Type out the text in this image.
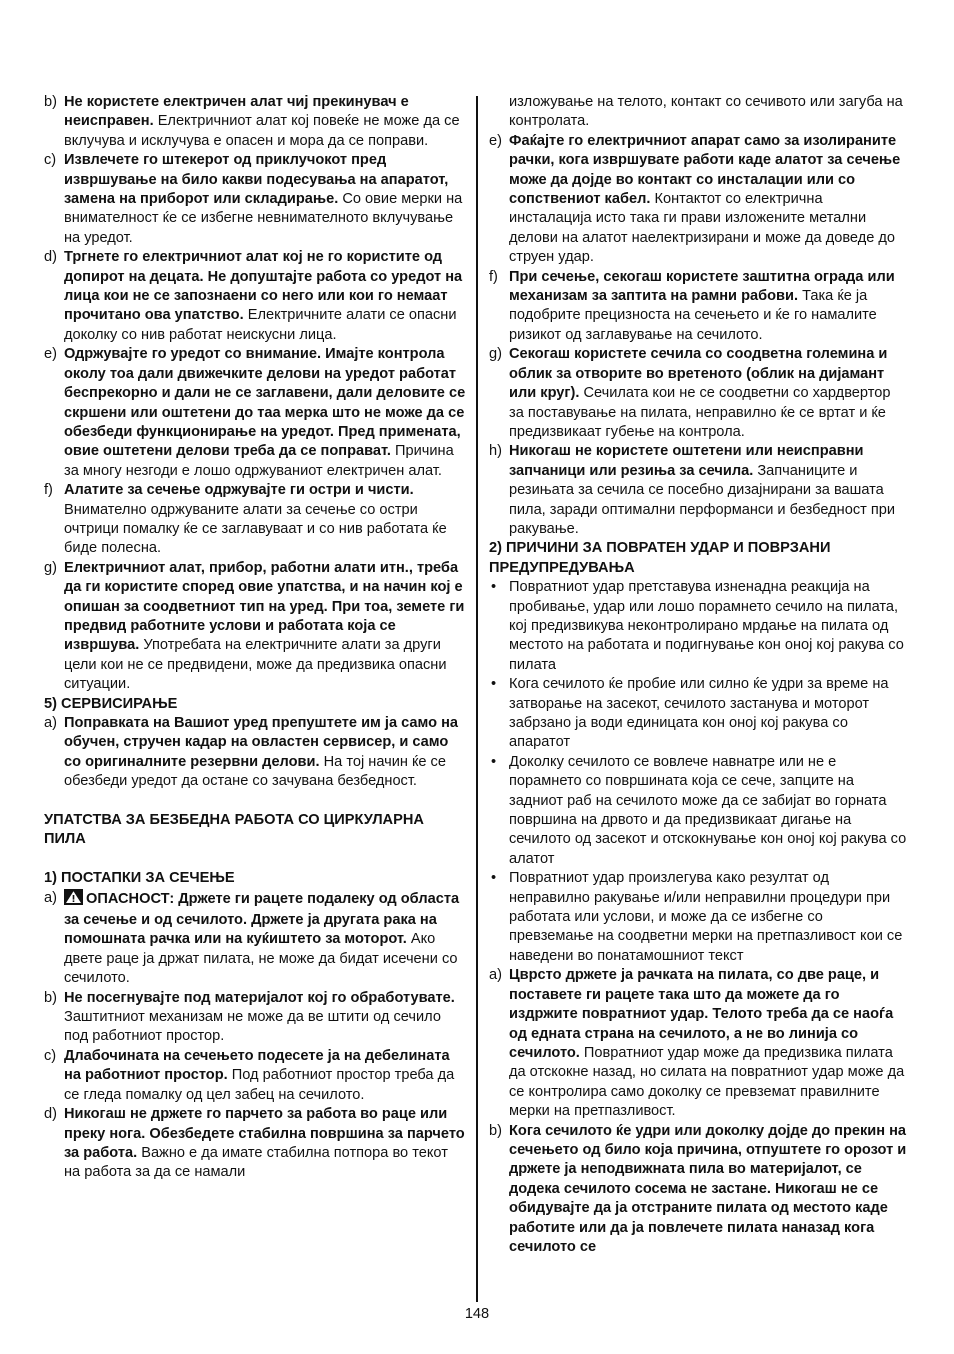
b) Не користете електричен алат чиј прекинувач е неисправен. Електричниот алат кој повеќе не може да се вклучува и исклучува е опасен и мора да се поправи.

c) Извлечете го штекерот од приклучокот пред извршување на било какви подесувања на апаратот, замена на приборот или складирање. Со овие мерки на внимателност ќе се избегне невнимателното вклучување на уредот.

d) Тргнете го електричниот алат кој не го користите од допирот на децата. Не допуштајте работа со уредот на лица кои не се запознаени со него или кои го немаат прочитано ова упатство. Електричните алати се опасни доколку со нив работат неискусни лица.

e) Одржувајте го уредот со внимание. Имајте контрола околу тоа дали движечките делови на уредот работат беспрекорно и дали не се заглавени, дали деловите се скршени или оштетени до таа мерка што не може да се обезбеди функционирање на уредот. Пред примената, овие оштетени делови треба да се поправат. Причина за многу незгоди е лошо одржуваниот електричен алат.

f) Алатите за сечење одржувајте ги остри и чисти. Внимателно одржуваните алати за сечење со остри очтрици помалку ќе се заглавуваат и со нив работата ќе биде полесна.

g) Електричниот алат, прибор, работни алати итн., треба да ги користите според овие упатства, и на начин кој е опишан за соодветниот тип на уред. При тоа, земете ги предвид работните услови и работата која се извршува. Употребата на електричните алати за други цели кои не се предвидени, може да предизвика опасни ситуации.

5) СЕРВИСИРАЊЕ

a) Поправката на Вашиот уред препуштете им ја само на обучен, стручен кадар на овластен сервисер, и само со оригиналните резервни делови. На тој начин ќе се обезбеди уредот да остане со зачувана безбедност.

УПАТСТВА ЗА БЕЗБЕДНА РАБОТА СО ЦИРКУЛАРНА ПИЛА

1) ПОСТАПКИ ЗА СЕЧЕЊЕ

a) ОПАСНОСТ: Држете ги рацете подалеку од областа за сечење и од сечилото. Држете ја другата рака на помошната рачка или на куќиштето за моторот. Ако двете раце ја држат пилата, не може да бидат исечени со сечилото.

b) Не посегнувајте под материјалот кој го обработувате. Заштитниот механизам не може да ве штити од сечило под работниот простор.

c) Длабочината на сечењето подесете ја на дебелината на работниот простор. Под работниот простор треба да се гледа помалку од цел забец на сечилото.

d) Никогаш не држете го парчето за работа во раце или преку нога. Обезбедете стабилна површина за парчето за работа. Важно е да имате стабилна потпора во текот на работа за да се намали

изложување на телото, контакт со сечивото или загуба на контролата.

e) Фаќајте го електричниот апарат само за изолираните рачки, кога извршувате работи каде алатот за сечење може да дојде во контакт со инсталации или со сопствениот кабел. Контактот со електрична инсталација исто така ги прави изложените метални делови на алатот наелектризирани и може да доведе до струен удар.

f) При сечење, секогаш користете заштитна ограда или механизам за заптита на рамни рабови. Така ќе ја подобрите прецизноста на сечењето и ќе го намалите ризикот од заглавување на сечилото.

g) Секогаш користете сечила со соодветна големина и облик за отворите во вретеното (облик на дијамант или круг). Сечилата кои не се соодветни со хардвертор за поставување на пилата, неправилно ќе се вртат и ќе предизвикаат губење на контрола.

h) Никогаш не користете оштетени или неисправни запчаници или резиња за сечила. Запчаниците и резињата за сечила се посебно дизајнирани за вашата пила, заради оптимални перформанси и безбедност при ракување.

2) ПРИЧИНИ ЗА ПОВРАТЕН УДАР И ПОВРЗАНИ ПРЕДУПРЕДУВАЊА

• Повратниот удар претставува изненадна реакција на пробивање, удар или лошо порамнето сечило на пилата, кој предизвикува неконтролирано мрдање на пилата од местото на работата и подигнување кон оној кој ракува со пилата

• Кога сечилото ќе пробие или силно ќе удри за време на затворање на засекот, сечилото застанува и моторот забрзано ја води единицата кон оној кој ракува со апаратот

• Доколку сечилото се вовлече навнатре или не е порамнето со површината која се сече, запците на задниот раб на сечилото може да се забијат во горната површина на дрвото и да предизвикаат дигање на сечилото од засекот и отскокнување кон оној кој ракува со алатот

• Повратниот удар произлегува како резултат од неправилно ракување и/или неправилни процедури при работата или услови, и може да се избегне со превземање на соодветни мерки на претпазливост кои се наведени во понатамошниот текст

a) Цврсто држете ја рачката на пилата, со две раце, и поставете ги рацете така што да можете да го издржите повратниот удар. Телото треба да се наоѓа од едната страна на сечилото, а не во линија со сечилото. Повратниот удар може да предизвика пилата да отскокне назад, но силата на повратниот удар може да се контролира само доколку се превземат правилните мерки на претпазливост.

b) Кога сечилото ќе удри или доколку дојде до прекин на сечењето од било која причина, отпуштете го орозот и држете ја неподвижната пила во материјалот, се додека сечилото сосема не застане. Никогаш не се обидувајте да ја отстраните пилата од местото каде работите или да ја повлечете пилата наназад кога сечилото се

148
